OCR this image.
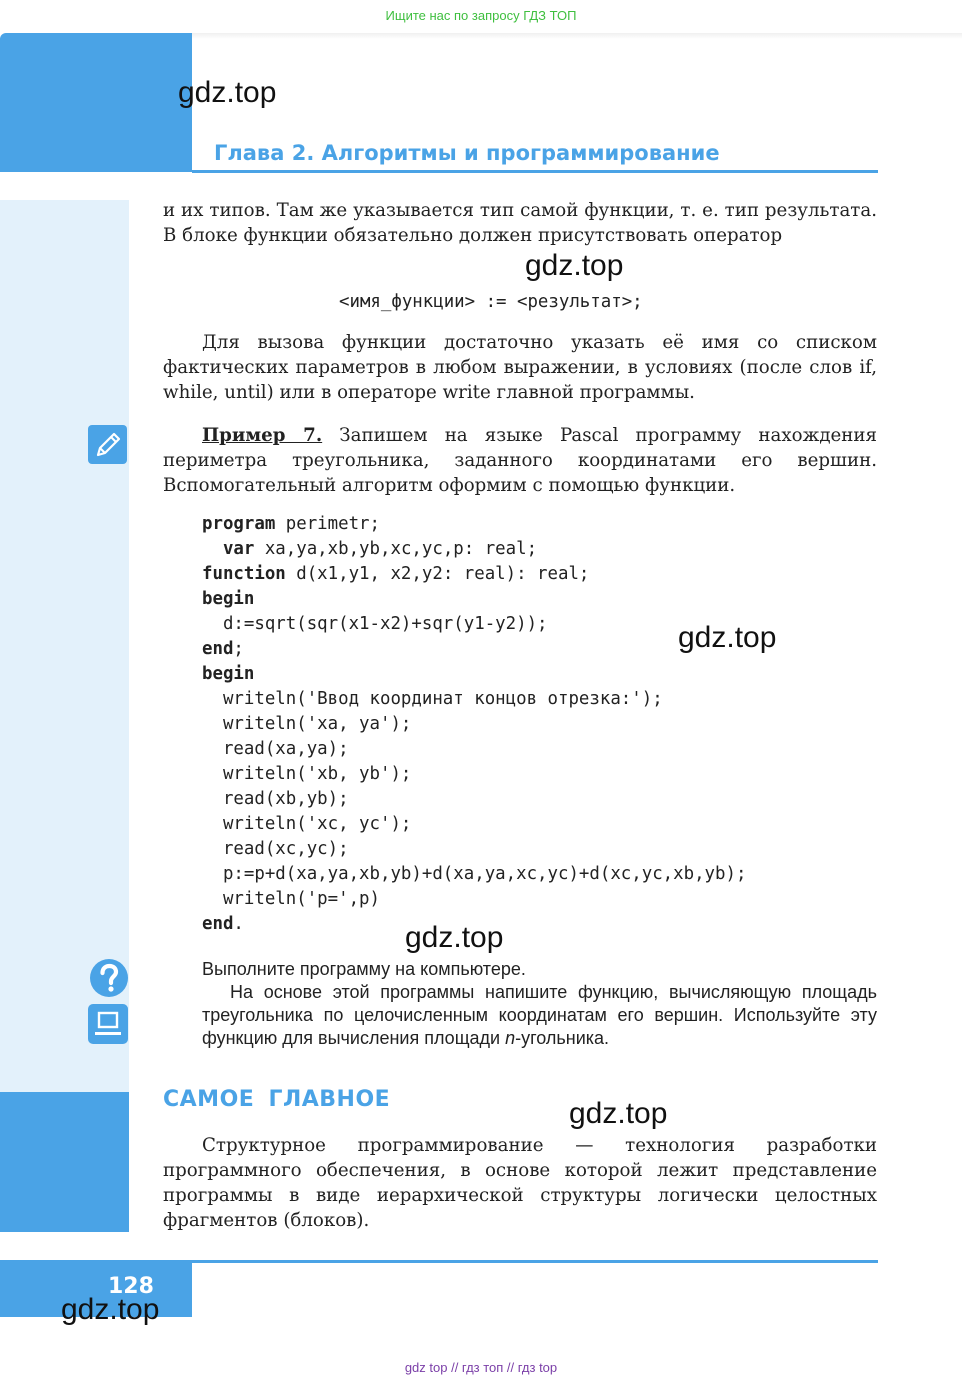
Ищите нас по запросу ГДЗ ТОП
Глава 2. Алгоритмы и программирование
gdz.top

и их типов. Там же указывается тип самой функции, т. е. тип результата. В блоке функции обязательно должен присутствовать оператор

gdz.top
<имя_функции> := <результат>;

Для вызова функции достаточно указать её имя со списком фактических параметров в любом выражении, в условиях (после слов if, while, until) или в операторе write главной программы.

Пример 7. Запишем на языке Pascal программу нахождения периметра треугольника, заданного координатами его вершин. Вспомогательный алгоритм оформим с помощью функции.

program perimetr;
var xa,ya,xb,yb,xc,yc,p: real;
function d(x1,y1, x2,y2: real): real;
begin
d:=sqrt(sqr(x1-x2)+sqr(y1-y2));
end;
begin
writeln('Ввод координат концов отрезка:');
writeln('xa, ya');
read(xa,ya);
writeln('xb, yb');
read(xb,yb);
writeln('xc, yc');
read(xc,yc);
p:=p+d(xa,ya,xb,yb)+d(xa,ya,xc,yc)+d(xc,yc,xb,yb);
writeln('p=',p)
end.
gdz.top
gdz.top

Выполните программу на компьютере.

На основе этой программы напишите функцию, вычисляющую площадь треугольника по целочисленным координатам его вершин. Используйте эту функцию для вычисления площади n-угольника.

САМОЕ ГЛАВНОЕ	gdz.top

Структурное программирование — технология разработки программного обеспечения, в основе которой лежит представление программы в виде иерархической структуры логически целостных фрагментов (блоков).

128
gdz.top
gdz top // гдз топ // гдз top
